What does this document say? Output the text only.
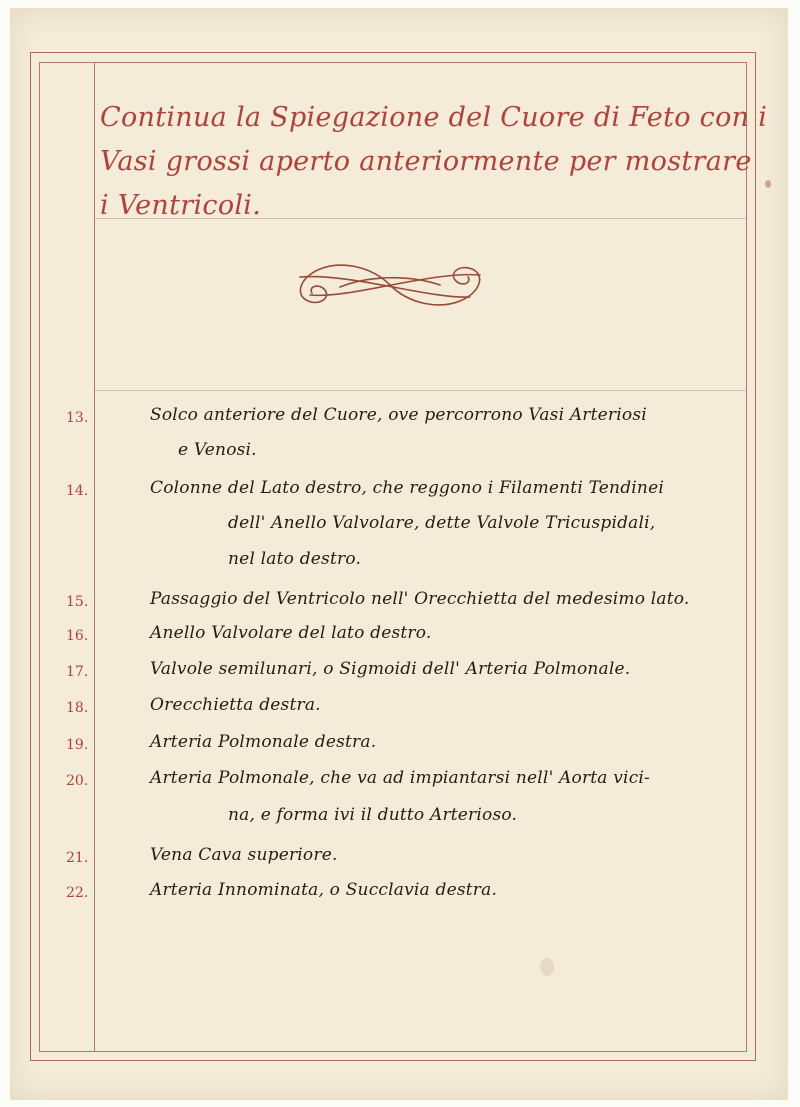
Continua la Spiegazione del Cuore di Feto con i
Vasi grossi aperto anteriormente per mostrare
i Ventricoli.
13.	Solco anteriore del Cuore, ove percorrono Vasi Arteriosi
e Venosi.
14.	Colonne del Lato destro, che reggono i Filamenti Tendinei
dell' Anello Valvolare, dette Valvole Tricuspidali,
nel lato destro.
15.	Passaggio del Ventricolo nell' Orecchietta del medesimo lato.
16.	Anello Valvolare del lato destro.
17.	Valvole semilunari, o Sigmoidi dell' Arteria Polmonale.
18.	Orecchietta destra.
19.	Arteria Polmonale destra.
20.	Arteria Polmonale, che va ad impiantarsi nell' Aorta vici-
na, e forma ivi il dutto Arterioso.
21.	Vena Cava superiore.
22.	Arteria Innominata, o Succlavia destra.
